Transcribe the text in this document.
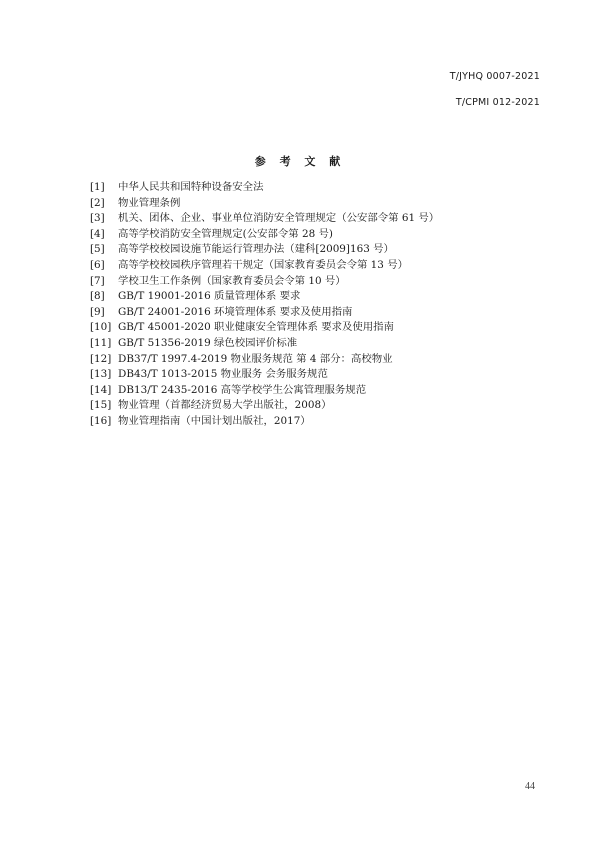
T/JYHQ 0007-2021
T/CPMI 012-2021
参 考 文 献
[1]	中华人民共和国特种设备安全法
[2]	物业管理条例
[3]	机关、团体、企业、事业单位消防安全管理规定（公安部令第 61 号）
[4]	高等学校消防安全管理规定(公安部令第 28 号)
[5]	高等学校校园设施节能运行管理办法（建科[2009]163 号）
[6]	高等学校校园秩序管理若干规定（国家教育委员会令第 13 号）
[7]	学校卫生工作条例（国家教育委员会令第 10 号）
[8]	GB/T 19001-2016 质量管理体系 要求
[9]	GB/T 24001-2016 环境管理体系 要求及使用指南
[10] GB/T 45001-2020 职业健康安全管理体系 要求及使用指南
[11] GB/T 51356-2019 绿色校园评价标准
[12] DB37/T 1997.4-2019 物业服务规范 第 4 部分：高校物业
[13] DB43/T 1013-2015 物业服务 会务服务规范
[14] DB13/T 2435-2016 高等学校学生公寓管理服务规范
[15] 物业管理（首都经济贸易大学出版社，2008）
[16] 物业管理指南（中国计划出版社，2017）
44
